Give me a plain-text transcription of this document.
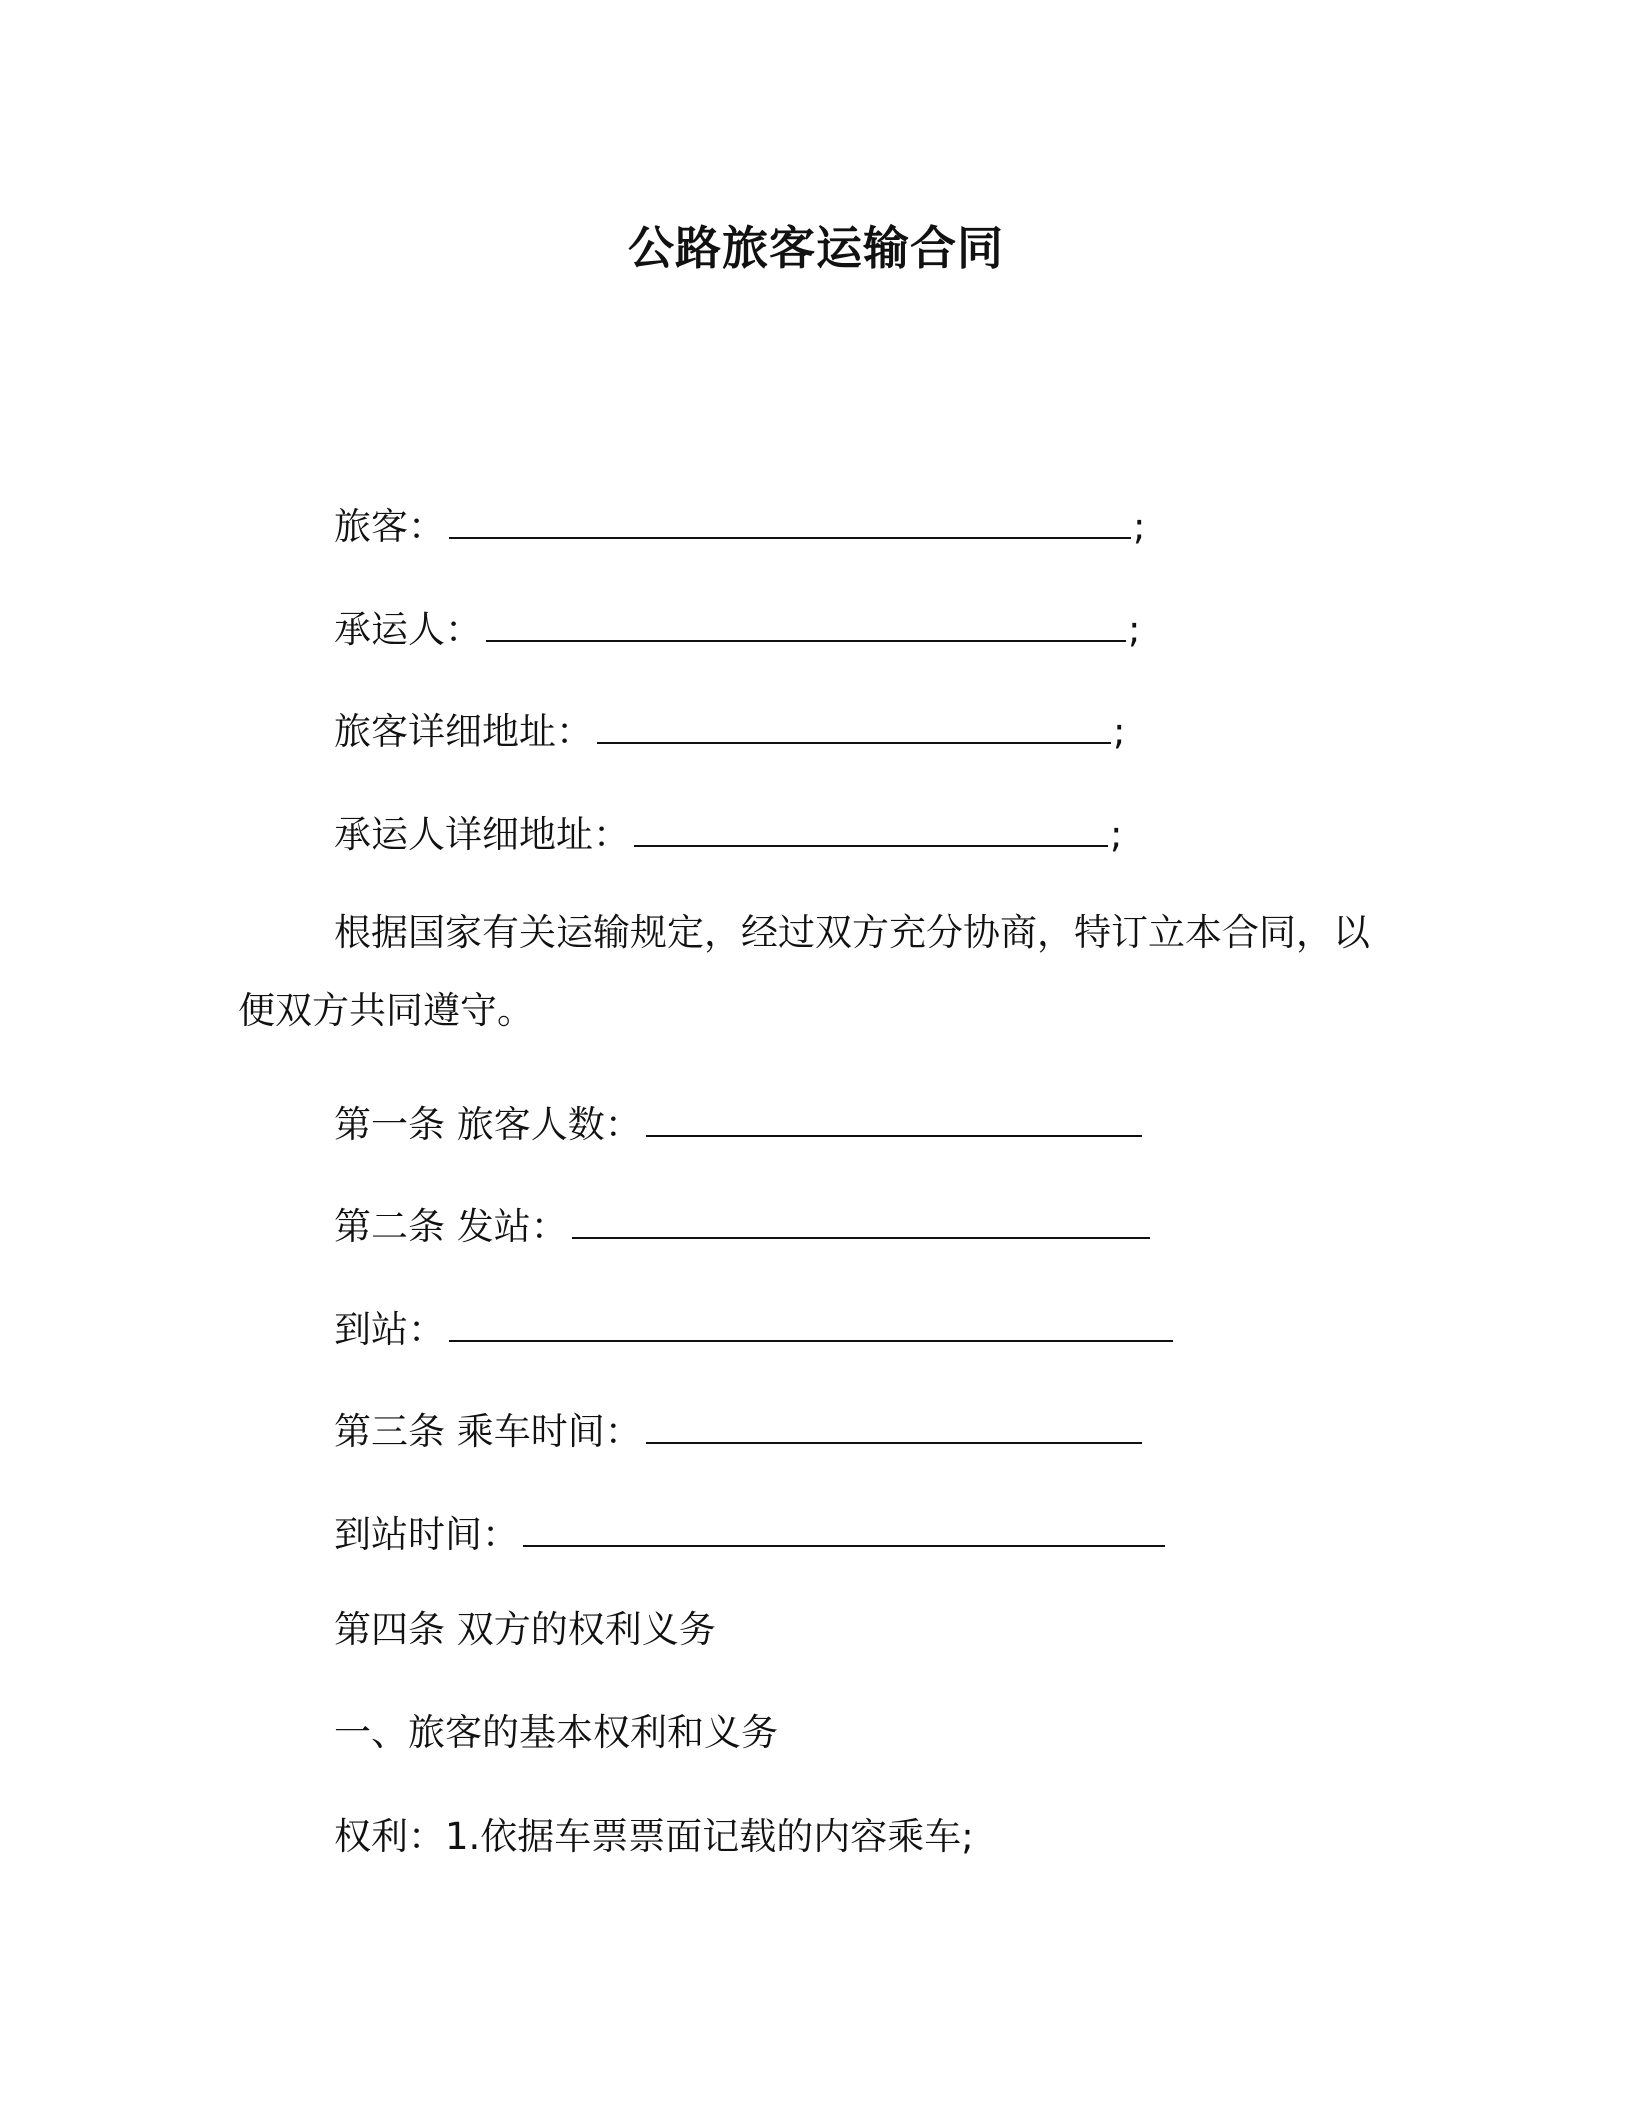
公路旅客运输合同
旅客：	;
承运人：	;
旅客详细地址：	;
承运人详细地址：	;
根据国家有关运输规定，经过双方充分协商，特订立本合同，以
便双方共同遵守。
第一条 旅客人数：
第二条 发站：
到站：
第三条 乘车时间：
到站时间：
第四条 双方的权利义务
一、旅客的基本权利和义务
权利：1.依据车票票面记载的内容乘车;
